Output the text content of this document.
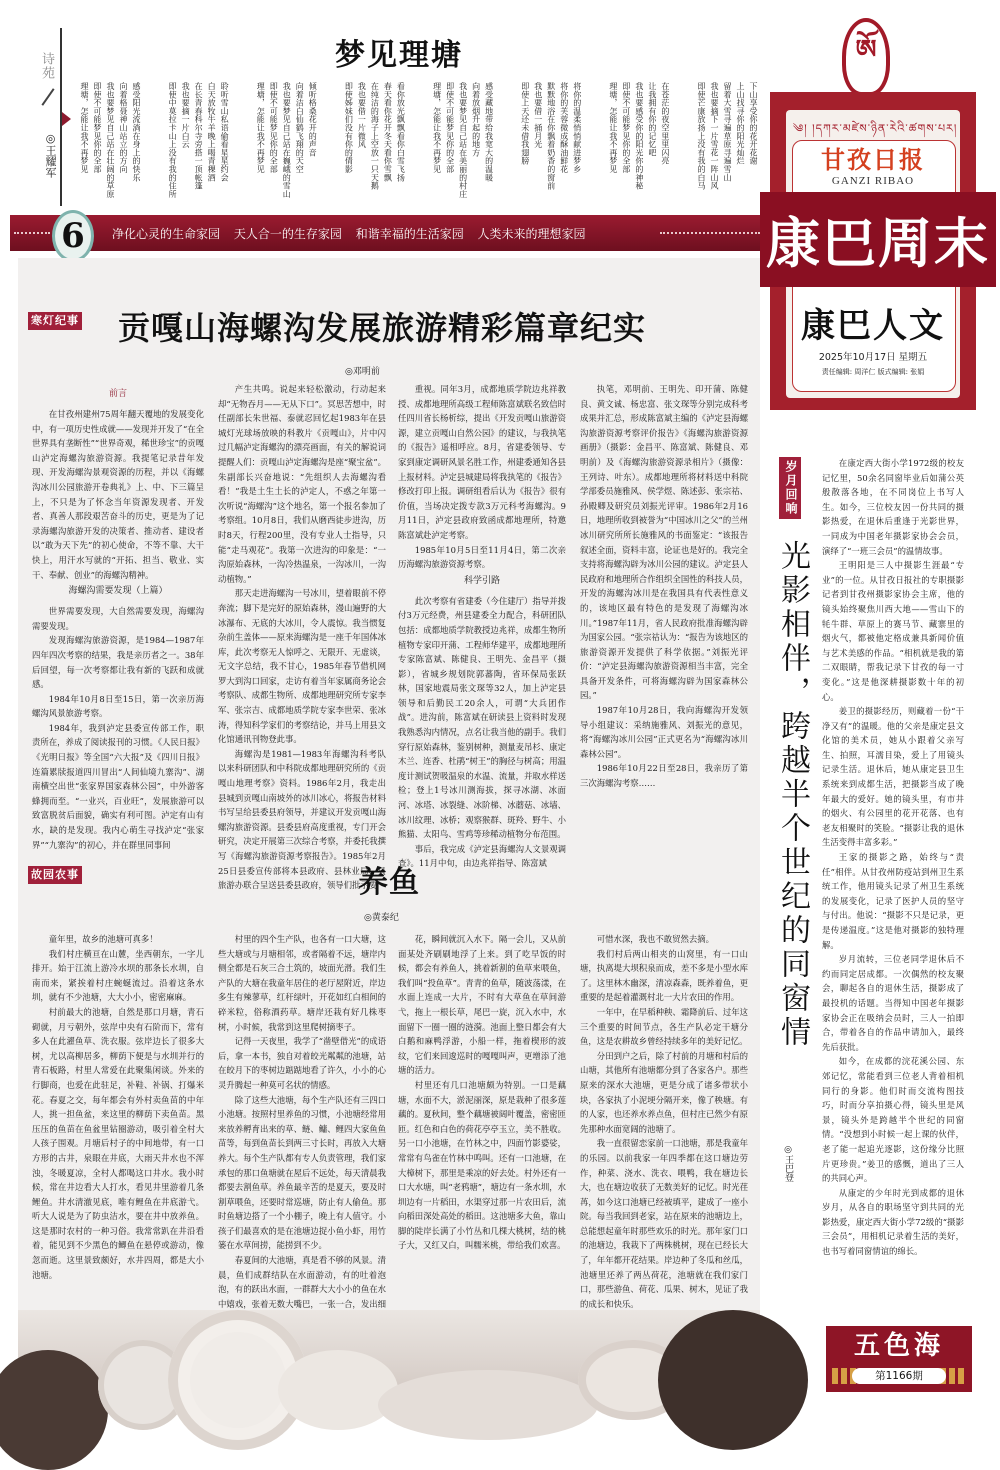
诗苑
◎王耀军
梦见理塘
下山享受你的花开花谢
上山找寻你的阳光灿烂
留着大雪寻遍草原寻遍雪山
我也要摘下一片雪花一阵山风
即使芒康放扬上没有我的白马
在苍茫的夜空里里闪亮
让我拥有你的记忆吧
我也要感受你的阳光你的神秘
即使不可能梦见你的全部
理塘，怎能让我不再梦见
将你的温柔悄悄献进梦乡
将你的芙蓉微成酥油鲜花
默默地浴在你飘着奶香的窗前
我也要借一捅月光
即使上天还未借我翅膀
感受藏地带给我宽大的温暖
向着放烟升起的地方
我也要梦见自己站在美丽的村庄
即使不可能梦见你的全部
理塘，怎能让我不再梦见
看你放光飘飘看你白雪飞扬
春天看你花开冬天看你雪飘
在纯洁的海子上空放一只天鹅
我也要借一片微风
即使姊妹们没有你的倩影
倾听格桑花开的声音
向着洁白仙鹤飞翔的天空
我也要梦见自己站在巍峨的雪山
即使不可能梦见你的全部
理塘，怎能让我不再梦见
聆听雪山私语偷看星星约会
白天放牧牛羊晚上喝青稞酒
在长青春科尔寺旁搭一顶帐篷
我也要摘一片白云
即使中莫拉卡山上没有我的住所
感受阳光流淌在身上的快乐
向着格聂神山站立的方向
我也要梦见自己站在壮阔的草原
即使不可能梦见你的全部
理塘，怎能让我不再梦见
6	净化心灵的生命家园 天人合一的生存家园 和谐幸福的生活家园 人类未来的理想家园
ཨོ
༄། །དཀར་མཛེས་ཉིན་རེའི་ཚགས་པར།
甘孜日报
GANZI RIBAO
康巴周末
康巴人文
2025年10月17日 星期五
责任编辑: 周洋仁 版式编辑: 张娟
寒灯纪事 贡嘎山海螺沟发展旅游精彩篇章纪实
◎邓明前
前言

在甘孜州建州75周年翻天覆地的发展变化中，有一项历史性成就——发现并开发了“在全世界具有垄断性”“世界奇观，稀世珍宝”的贡嘎山泸定海螺沟旅游资源。我提笔记录昔年发现、开发海螺沟景观资源的历程，并以《海螺沟冰川公园旅游开卷典礼》上、中、下三篇呈上，不只是为了怀念当年资源发现者、开发者、真善人那段艰苦奋斗的历史，更是为了记录海螺沟旅游开发的决策者、推动者、建设者以“敢为天下先”的初心使命，不等不靠、大干快上，用汗水写就的“开拓、担当、敬业、实干、奉献、创业”的海螺沟精神。

海螺沟需要发现（上篇）

世界需要发现，大自然需要发现，海螺沟需要发现。

发现海螺沟旅游资源，是1984—1987年四年四次考察的结果，我是亲历者之一。38年后回望，每一次考察都让我有新的飞跃和成就感。

1984年10月8日至15日，第一次亲历海螺沟风景旅游考察。

1984年，我到泸定县委宣传部工作，职责所在，养成了阅读报刊的习惯。《人民日报》《光明日报》等全国“六大报”及《四川日报》连篇累牍报道四川冒出“人间仙境九寨沟”、湖南横空出世“张家界国家森林公园”，中外游客蜂拥而至。“一业兴，百业旺”，发展旅游可以致富脱贫后面貌，确实有利可图。泸定有山有水，缺的是发现。我内心萌生寻找泸定“张家界”“九寨沟”的初心，并在群里同事间

产生共鸣。说起来轻松激动，行动起来却“无物吞月——无从下口”。冥思苦想中，时任副部长朱世福、泰就忍回忆起1983年在县城灯光球场放映的科教片《贡嘎山》，片中闪过几幅泸定海螺沟的漂亮画面，有关的解说词提醒人们：贡嘎山泸定海螺沟是座“聚宝盆”。朱副部长兴奋地说：“先组织人去海螺沟看看！”我是土生土长的泸定人，不惑之年第一次听说“海螺沟”这个地名，第一个报名参加了考察组。10月8日，我们从磨西徒步进沟，历时8天，行程200里，没有专业人士指导，只能“走马观花”。我第一次进沟的印象是：“一沟原始森林，一沟冷热温泉，一沟冰川，一沟动植物。”

那天走进海螺沟一号冰川，望着眼前不停奔流；脚下是完好的原始森林，漫山遍野的大冰瀑布、无底的大冰川，令人震惊。我当惯复杂前生盖体——原来海螺沟是一座千年国体冰库，此次考察无人惊呼之、无限开、无虚谈，无文字总结，我不甘心，1985年春节借机网罗大到沟口回家，走访有着当年家属商务论会考察队、成都生物所、成都地理研究所专家李军、张宗吉、成都地质学院专家李世荣、张冰涛，得知科学家们的考察结论，并马上用县文化馆通讯刊物登此事。

海螺沟是1981—1983年海螺沟科考队以来科研团队和中科院成都地理研究所的《贡嘎山地理考察》资料。1986年2月，我走出县城到贡嘎山南坡外的冰川冰心，将报告材料书写呈给县委县府领导，并建议开发贡嘎山海螺沟旅游资源。县委县府高度重视，专门开会研究，决定开展第三次综合考察，并委托我撰写《海螺沟旅游资源考察报告》。1985年2月25日县委宣传部将本县政府、县林业局、县旅游办联合呈送县委县政府，领导们批示要

重视。同年3月，成都地质学院边兆祥教授、成都地理所高级工程师陈富斌联名致信时任四川省长杨析综，提出《开发贡嘎山旅游资源，建立贡嘎山自然公园》的建议，与我执笔的《报告》遥相呼应。8月，省建委领导、专家到康定调研风景名胜工作，州建委通知各县上报材料。泸定县城建局将我执笔的《报告》修改打印上报。调研组看后认为《报告》很有价值，当场决定拨专款3万元科考海螺沟。9月11日，泸定县政府致函成都地理所，特邀陈富斌赴泸定考察。

1985年10月5日至11月4日，第二次亲历海螺沟旅游资源考察。

科学引路

此次考察有省建委（今住建厅）指导并拨付3万元经费，州县建委全力配合，科研团队包括：成都地质学院教授边兆祥，成都生物所植物专家印开蒲、工程师华建平，成都地理所专家陈富斌、陈健良、王明先、金昌平（摄影），省城乡规划院郭蕃陶，省环保局张跃林，国家地震局张文琛等32人，加上泸定县领导和后勤民工20余人，可谓“大兵团作战”。进沟前，陈富斌在研读县上资料时发现我熟悉沟内情况，点名让我当他的副手。我们穿行原始森林，鉴别树种，测量麦吊杉、康定木兰、连香、杜鹃“树王”的胸径与树高；用温度计测试贺吸温泉的水温、流量，并取水样送检；登上1号冰川测海拔，探寻冰湖、冰面河、冰塔、冰裂缝、冰阶梯、冰蘑菇、冰墙、冰川纹理、冰桥；观察猴群、斑羚、野牛、小熊猫、太阳鸟、雪鸡等珍稀动植物分布范围。

事后，我完成《泸定县海螺沟人文景观调查》。11月中旬，由边兆祥指导、陈富斌

执笔，邓明前、王明先、印开蒲、陈健良、黄文诚、杨忠富、张文琛等分别完成科考成果并汇总，形成陈富斌主编的《泸定县海螺沟旅游资源考察评价报告》《海螺沟旅游资源画册》（摄影：金昌平、陈富斌、陈健良、邓明前）及《海螺沟旅游资源录相片》（摄像：王列诗、叶东）。成都地理所将材料送中科院学部委员施雅风、侯学煜、陈述彭、张宗祜、孙殿卿及研究员刘振光评审。1986年2月16日，地理所收到被誉为“中国冰川之父”的兰州冰川研究所所长施雅风的书面鉴定：“该报告叙述全面，资料丰富，论证也是好的。我完全支持将海螺沟辟为冰川公园的建议。泸定县人民政府和地理所合作组织全国性的科技人员，开发的海螺沟冰川是在我国具有代表性意义的，该地区最有特色的是发现了海螺沟冰川。”1987年11月，省人民政府批准海螺沟辟为国家公园。“张宗祜认为：“报告为该地区的旅游资源开发提供了科学依据。”刘振光评价：“泸定县海螺沟旅游资源相当丰富，完全具备开发条件，可将海螺沟辟为国家森林公园。”

1987年10月28日，我向海螺沟开发领导小组建议：采纳施雅风、刘振光的意见，将“海螺沟冰川公园”正式更名为“海螺沟冰川森林公园”。

1986年10月22日至28日，我亲历了第三次海螺沟考察……

故园农事	养鱼
◎黄泰纪

童年里，故乡的池塘可真多！

我们村庄横亘在山麓，坐西朝东，一字儿排开。始于江流上游冷水坝的那条长水圳，自南而来，紧挨着村庄蜿蜒流过。沿着这条水圳，就有不少池塘，大大小小，密密麻麻。

村前最大的池塘，自然是那口月塘，青石砌就，月亏朝外，弦岸中央有石阶而下，常有多人在此濯鱼草、洗衣服。弦岸边长了很多大树，尤以高柳居多，柳荫下便是与水圳并行的青石板路，村里人常爱在此聚集闲谈。外来的行脚商，也爱在此驻足，补鞋、补锅、打爆米花。春夏之交，每年都会有外村卖鱼苗的中年人，挑一担鱼盆，来这里的柳荫下卖鱼苗。黑压压的鱼苗在鱼盆里钻圈游动，吸引着全村大人孩子围观。月塘后村子的中间地带，有一口方形的古井，泉眼在井底，大雨天井水也不浑浊，冬暖夏凉，全村人都喝这口井水。我小时候，常在井边看大人打水，看见井里游着几条鲤鱼。井水清澈见底，唯有鲤鱼在井底游弋。听大人说是为了防虫洁水，要在井中放养鱼。这是那时农村的一种习俗。我常常趴在井沿看着，能见到不少黑色的鲫鱼在悬停或游动，像忽而逝。这里景致颇好，水井四周，都是大小池塘。

村里的四个生产队，也各有一口大塘，这些大塘或与月塘相邻，或者隔着不远，塘岸内侧全都是石灰三合土筑的，坡面光滑。我们生产队的大塘在我童年居住的老厅屋附近，岸边多生有辣蓼草，红秆绿叶，开花如红白相间的碎米粒，俗称酒药草。塘岸还栽有好几株枣树，小时候，我常到这里爬树摘枣子。

记得一天夜里，我学了“凿壁借光”的成语后，拿一本书，独自对着皎光粼粼的池塘，站在皎月下的枣树边踮踮地看了许久，小小的心灵升腾起一种莫可名状的情感。

除了这些大池塘，每个生产队还有三四口小池塘。按照村里养鱼的习惯，小池塘经常用来放养孵育出来的草、鲢、鳙、鲤四大家鱼鱼苗等，每到鱼苗长到两三寸长时，再放入大塘养大。每个生产队都有专人负责管理，我们家承包的那口鱼塘就在屋后不远处，每天清晨我都要去割鱼草。养鱼最辛苦的是夏天，要及时割草喂鱼，还要时常巡塘，防止有人偷鱼。那时鱼塘边搭了一个小棚子，晚上有人值守。小孩子们最喜欢的是在池塘边捉小鱼小虾，用竹篓在水草间捞，能捞到不少。

春夏间的大池塘，真是看不够的风景。清晨，鱼们成群结队在水面游动，有的吐着泡泡，有的跃出水面，一群群大大小小的鱼在水中嬉戏，张着无数大嘴巴，一张一合，发出细

花，瞬间就沉入水下。隔一会儿，又从前面某处齐刷刷地浮了上来。到了吃早饭的时候，都会有养鱼人，挑着新割的鱼草来喂鱼，我们叫“投鱼草”。青青的鱼草，随波荡漾，在水面上连成一大片，不时有大草鱼在草间游弋，拖上一根长草，尾巴一旋，沉入水中，水面留下一圈一圈的涟漪。池面上整日都会有大白鹅和麻鸭浮游，小船一样，拖着楔形的波纹，它们来回逡巡时的嘎嘎叫声，更增添了池塘的活力。

村里还有几口池塘颇为特别。一口是藕塘，水面不大，淤泥丽深，原是栽种了很多莲藕的。夏秋间，整个藕塘被阔叶覆盖，密密匝匝。红色和白色的荷花亭亭玉立，美不胜收。另一口小池塘，在竹林之中，四面竹影婆娑，常常有鸟雀在竹林中鸣叫。还有一口池塘，在大樟树下，那里是乘凉的好去处。村外还有一口大水塘，叫“老鸦塘”，塘边有一条水圳，水圳边有一片稻田，水渠穿过那一片农田后，流向稻田深处高处的稻田。这池塘多大鱼，靠山脚的陡岸长满了小竹丛和几棵大桃树，结的桃子大，又红又白，叫糯米桃，带给我们欢喜。

可惜水深，我也不敢贸然去摘。

我们村后两山相夹的山窝里，有一口山塘，执离堤大坝积泉而成，差不多是小型水库了。这里林木幽深，清凉森森，既养着鱼，更重要的是起着灌溉村北一大片农田的作用。

一年中，在早稻种秧、霜降前后、过年这三个重要的时间节点，各生产队必定干塘分鱼，这是农耕故乡曾经持续多年的美好记忆。

分田到户之后，除了村前的月塘和村后的山塘，其他所有池塘都分到了各家各户。那些原来的深水大池塘，更是分成了诸多带状小块，各家执了小泥埂分隔开来，像了秧塘。有的人家，也还养水养点鱼，但村庄已然少有原先那种水面宽阔的池塘了。

我一直很留恋家前一口池塘，那是我童年的乐园。以前我家一年四季都在这口塘边劳作，种菜、浇水、洗衣、喂鸭，我在塘边长大，也在塘边收获了无数美好的记忆。时光荏苒，如今这口池塘已经被填平，建成了一座小院。每当我回到老家，站在原来的池塘边上，总能想起童年时那些欢乐的时光。那年家门口的池塘边，我栽下了两株桃树，现在已经长大了，年年都开花结果。岸边种了冬瓜和丝瓜，池塘里还养了两丛荷花，池塘就在我们家门口，那些游鱼、荷花、瓜果、树木，见证了我的成长和快乐。

岁月回响
光影相伴，跨越半个世纪的同窗情
◎王巴登

在康定西大街小学1972级的校友记忆里，50余名同窗毕业后如蒲公英般散落各地，在不同岗位上书写人生。如今，三位校友因一份共同的摄影热爱，在退休后重逢于光影世界，一同成为中国老年摄影家协会会员，演绎了“一班三会员”的温情故事。

王明阳是三人中摄影生涯最“专业”的一位。从甘孜日报社的专职摄影记者到甘孜州摄影家协会主席，他的镜头始终聚焦川西大地——雪山下的牦牛群、草原上的赛马节、藏寨里的烟火气，都被他定格成兼具新闻价值与艺术美感的作品。“相机就是我的第二双眼睛，帮我记录下甘孜的每一寸变化。”这是他深耕摄影数十年的初心。

姜卫的摄影经历，则藏着一份“干净又有”的温暖。他的父亲是康定县文化馆的美术员，她从小跟着父亲写生、拍照，耳濡目染，爱上了用镜头记录生活。退休后，她从康定县卫生系统来到成都生活，把摄影当成了晚年最大的爱好。她的镜头里，有市井的烟火、有公园里的花开花落、也有老友相聚时的笑脸。“摄影让我的退休生活变得丰富多彩。”

王家的摄影之路，始终与“责任”相伴。从甘孜州防疫站到州卫生系统工作，他用镜头记录了州卫生系统的发展变化，记录了医护人员的坚守与付出。他说：“摄影不只是记录，更是传递温度。”这是他对摄影的独特理解。

岁月流转，三位老同学退休后不约而同定居成都。一次偶然的校友聚会，聊起各自的退休生活，摄影成了最投机的话题。当得知中国老年摄影家协会正在吸纳会员时，三人一拍即合，带着各自的作品申请加入，最终先后获批。

如今，在成都的浣花溪公园、东郊记忆，常能看到三位老人背着相机同行的身影。他们时而交流构图技巧，时而分享拍摄心得，镜头里是风景，镜头外是跨越半个世纪的同窗情。“没想到小时候一起上课的伙伴，老了能一起追光逐影，这份缘分比照片更珍贵。”姜卫的感慨，道出了三人的共同心声。

从康定的少年时光到成都的退休岁月，从各自的职场坚守到共同的光影热爱，康定西大街小学72级的“摄影三会员”，用相机记录着生活的美好，也书写着同窗情谊的绵长。

五色海
第1166期
